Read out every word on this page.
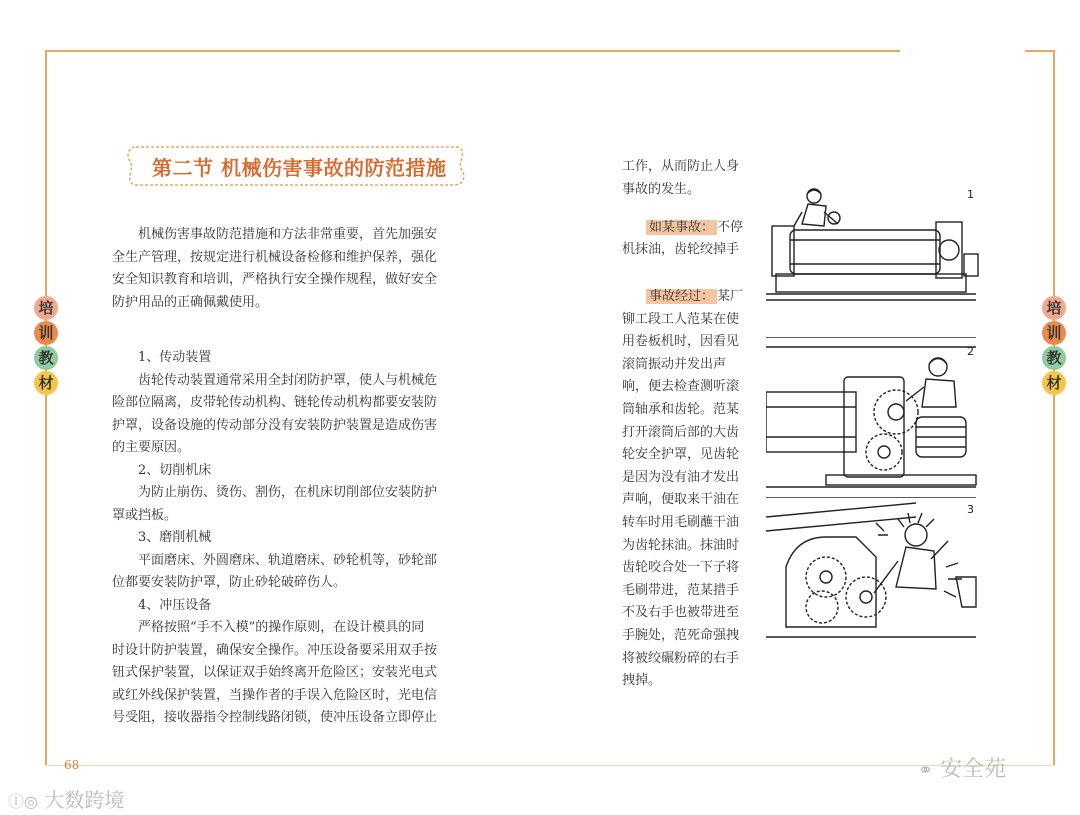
68
第二节 机械伤害事故的防范措施
机械伤害事故防范措施和方法非常重要，首先加强安
全生产管理，按规定进行机械设备检修和维护保养，强化
安全知识教育和培训，严格执行安全操作规程，做好安全
防护用品的正确佩戴使用。
1、传动装置
齿轮传动装置通常采用全封闭防护罩，使人与机械危
险部位隔离，皮带轮传动机构、链轮传动机构都要安装防
护罩，设备设施的传动部分没有安装防护装置是造成伤害
的主要原因。
2、切削机床
为防止崩伤、烫伤、割伤，在机床切削部位安装防护
罩或挡板。
3、磨削机械
平面磨床、外圆磨床、轨道磨床、砂轮机等，砂轮部
位都要安装防护罩，防止砂轮破碎伤人。
4、冲压设备
严格按照“手不入模”的操作原则，在设计模具的同
时设计防护装置，确保安全操作。冲压设备要采用双手按
钮式保护装置，以保证双手始终离开危险区；安装光电式
或红外线保护装置，当操作者的手误入危险区时，光电信
号受阻，接收器指令控制线路闭锁，使冲压设备立即停止
培
训
教
材
培
训
教
材
工作，从而防止人身
事故的发生。
如某事故： 不停
机抹油，齿轮绞掉手
事故经过： 某厂
铆工段工人范某在使
用卷板机时，因看见
滚筒振动并发出声
响，便去检查测听滚
筒轴承和齿轮。范某
打开滚筒后部的大齿
轮安全护罩，见齿轮
是因为没有油才发出
声响，便取来干油在
转车时用毛刷蘸干油
为齿轮抹油。抹油时
齿轮咬合处一下子将
毛刷带进，范某措手
不及右手也被带进至
手腕处，范死命强拽
将被绞碾粉碎的右手
拽掉。
1
2
3
ⓛ◎ 大数跨境
⚭ 安全苑
